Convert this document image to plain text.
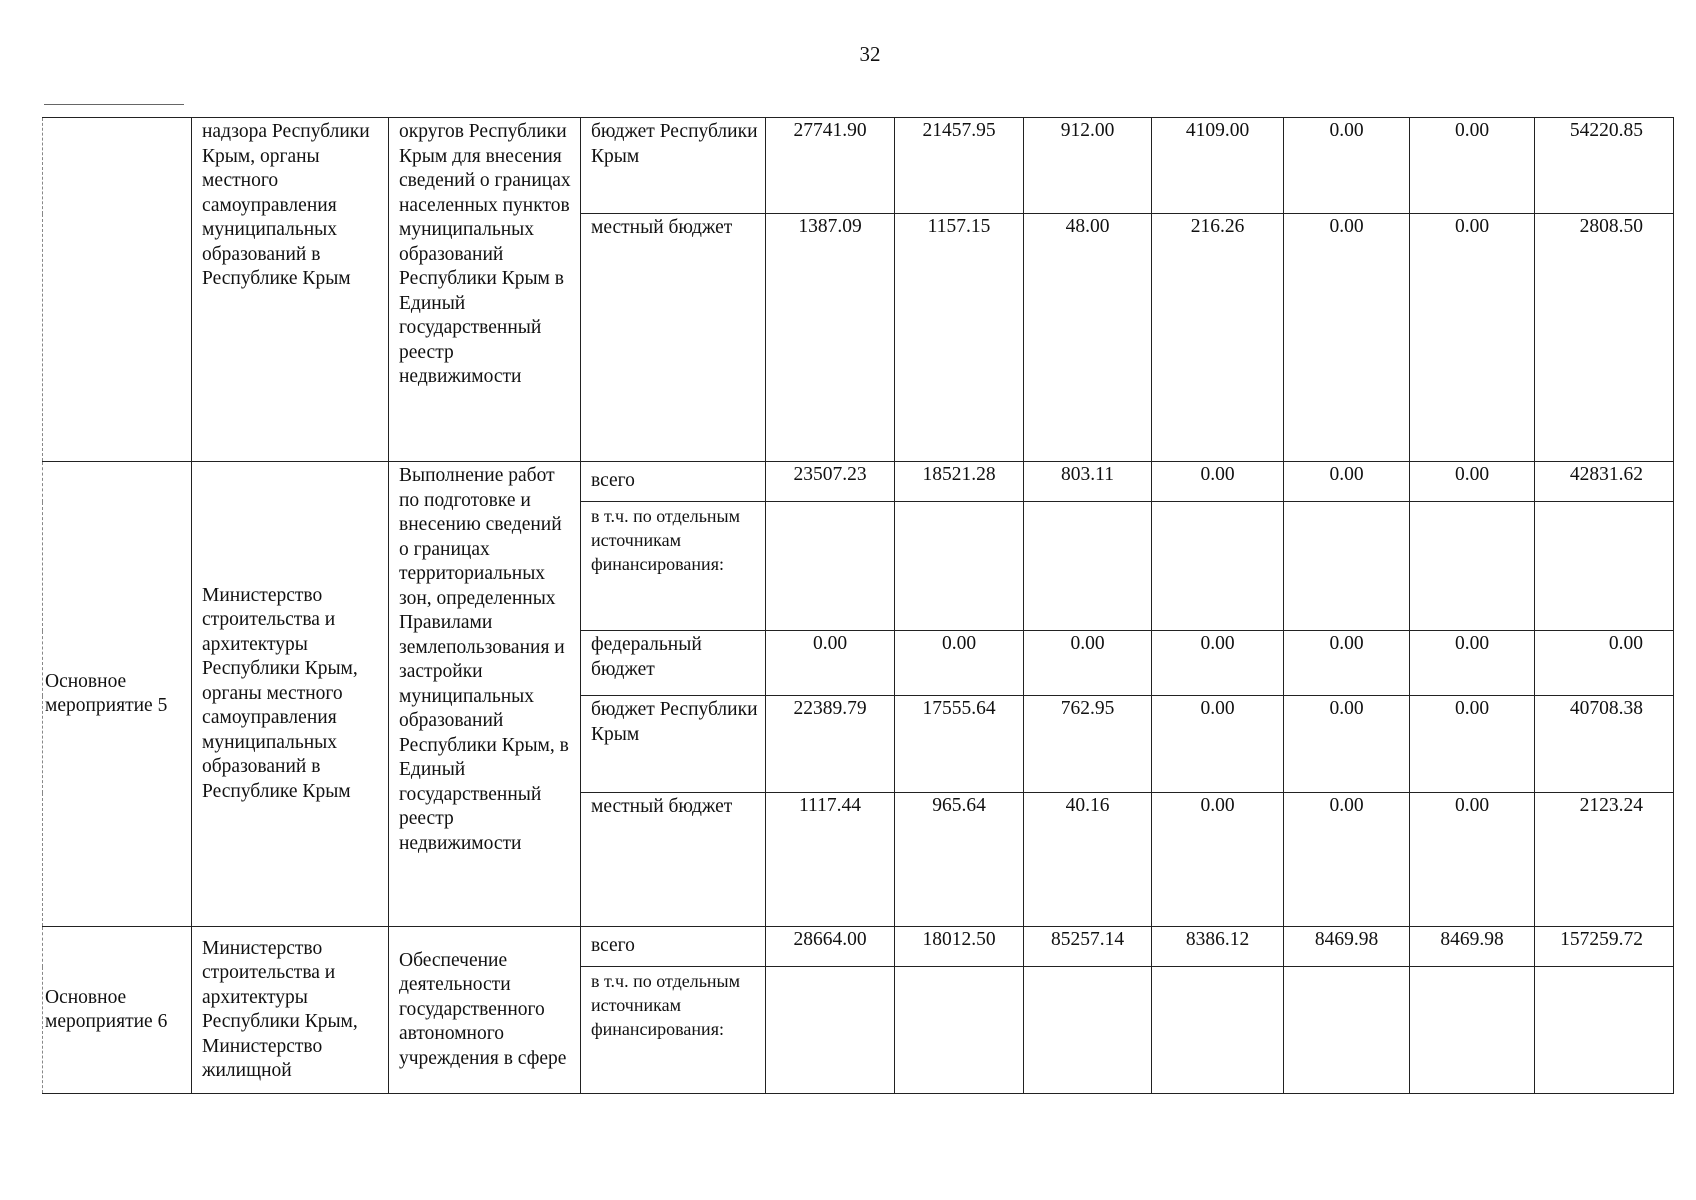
32
	надзора Республики Крым, органы местного самоуправления муниципальных образований в Республике Крым	округов Республики Крым для внесения сведений о границах населенных пунктов муниципальных образований Республики Крым в Единый государственный реестр недвижимости	бюджет Республики Крым	27741.90	21457.95	912.00	4109.00	0.00	0.00	54220.85
			местный бюджет	1387.09	1157.15	48.00	216.26	0.00	0.00	2808.50
Основное мероприятие 5	Министерство строительства и архитектуры Республики Крым, органы местного самоуправления муниципальных образований в Республике Крым	Выполнение работ по подготовке и внесению сведений о границах территориальных зон, определенных Правилами землепользования и застройки муниципальных образований Республики Крым, в Единый государственный реестр недвижимости	всего	23507.23	18521.28	803.11	0.00	0.00	0.00	42831.62
			в т.ч. по отдельным источникам финансирования:							
			федеральный бюджет	0.00	0.00	0.00	0.00	0.00	0.00	0.00
			бюджет Республики Крым	22389.79	17555.64	762.95	0.00	0.00	0.00	40708.38
			местный бюджет	1117.44	965.64	40.16	0.00	0.00	0.00	2123.24
Основное мероприятие 6	Министерство строительства и архитектуры Республики Крым, Министерство жилищной	Обеспечение деятельности государственного автономного учреждения в сфере	всего	28664.00	18012.50	85257.14	8386.12	8469.98	8469.98	157259.72
			в т.ч. по отдельным источникам финансирования:							
